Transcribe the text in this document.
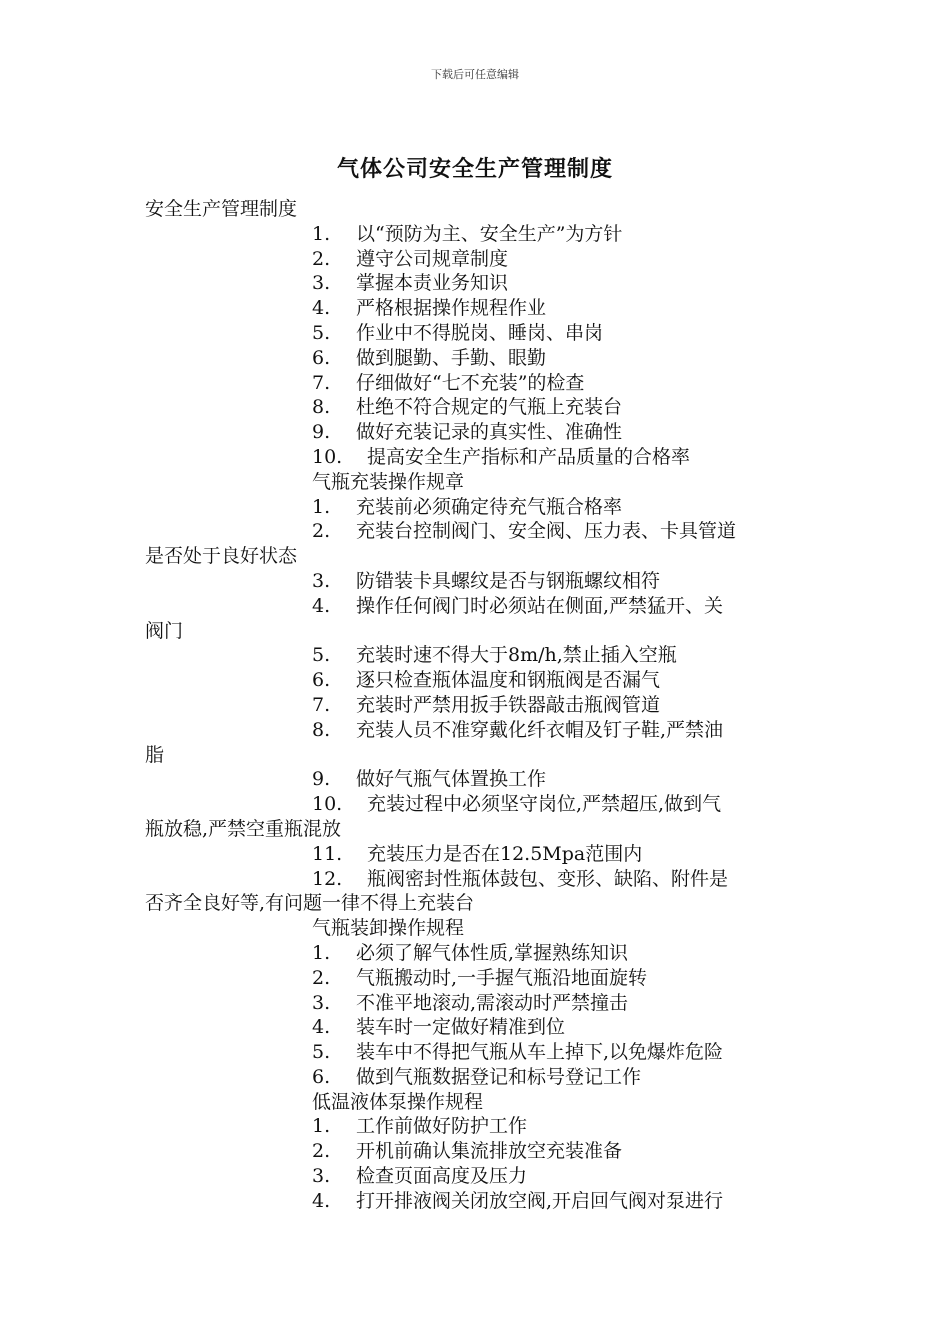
下载后可任意编辑
气体公司安全生产管理制度
安全生产管理制度
1. 以“预防为主、安全生产”为方针
2. 遵守公司规章制度
3. 掌握本责业务知识
4. 严格根据操作规程作业
5. 作业中不得脱岗、睡岗、串岗
6. 做到腿勤、手勤、眼勤
7. 仔细做好“七不充装”的检查
8. 杜绝不符合规定的气瓶上充装台
9. 做好充装记录的真实性、准确性
10. 提高安全生产指标和产品质量的合格率
气瓶充装操作规章
1. 充装前必须确定待充气瓶合格率
2. 充装台控制阀门、安全阀、压力表、卡具管道
是否处于良好状态
3. 防错装卡具螺纹是否与钢瓶螺纹相符
4. 操作任何阀门时必须站在侧面,严禁猛开、关
阀门
5. 充装时速不得大于8m/h,禁止插入空瓶
6. 逐只检查瓶体温度和钢瓶阀是否漏气
7. 充装时严禁用扳手铁器敲击瓶阀管道
8. 充装人员不准穿戴化纤衣帽及钉子鞋,严禁油
脂
9. 做好气瓶气体置换工作
10. 充装过程中必须坚守岗位,严禁超压,做到气
瓶放稳,严禁空重瓶混放
11. 充装压力是否在12.5Mpa范围内
12. 瓶阀密封性瓶体鼓包、变形、缺陷、附件是
否齐全良好等,有问题一律不得上充装台
气瓶装卸操作规程
1. 必须了解气体性质,掌握熟练知识
2. 气瓶搬动时,一手握气瓶沿地面旋转
3. 不准平地滚动,需滚动时严禁撞击
4. 装车时一定做好精准到位
5. 装车中不得把气瓶从车上掉下,以免爆炸危险
6. 做到气瓶数据登记和标号登记工作
低温液体泵操作规程
1. 工作前做好防护工作
2. 开机前确认集流排放空充装准备
3. 检查页面高度及压力
4. 打开排液阀关闭放空阀,开启回气阀对泵进行
